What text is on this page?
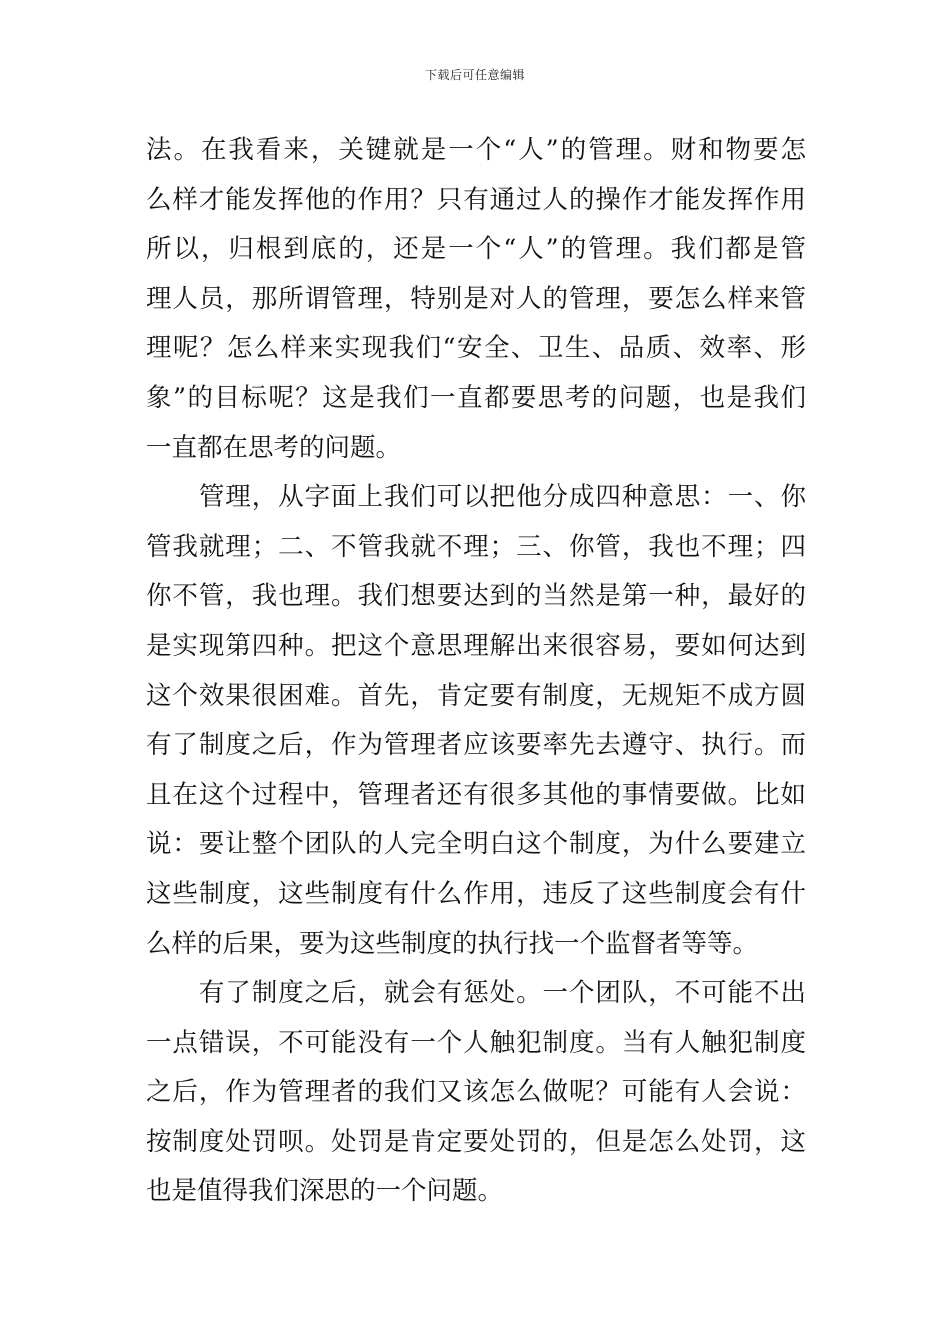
下载后可任意编辑
法。在我看来，关键就是一个“人”的管理。财和物要怎
么样才能发挥他的作用？只有通过人的操作才能发挥作用
所以，归根到底的，还是一个“人”的管理。我们都是管
理人员，那所谓管理，特别是对人的管理，要怎么样来管
理呢？怎么样来实现我们“安全、卫生、品质、效率、形
象”的目标呢？这是我们一直都要思考的问题，也是我们
一直都在思考的问题。
　　管理，从字面上我们可以把他分成四种意思：一、你
管我就理；二、不管我就不理；三、你管，我也不理；四
你不管，我也理。我们想要达到的当然是第一种，最好的
是实现第四种。把这个意思理解出来很容易，要如何达到
这个效果很困难。首先，肯定要有制度，无规矩不成方圆
有了制度之后，作为管理者应该要率先去遵守、执行。而
且在这个过程中，管理者还有很多其他的事情要做。比如
说：要让整个团队的人完全明白这个制度，为什么要建立
这些制度，这些制度有什么作用，违反了这些制度会有什
么样的后果，要为这些制度的执行找一个监督者等等。
　　有了制度之后，就会有惩处。一个团队，不可能不出
一点错误，不可能没有一个人触犯制度。当有人触犯制度
之后，作为管理者的我们又该怎么做呢？可能有人会说：
按制度处罚呗。处罚是肯定要处罚的，但是怎么处罚，这
也是值得我们深思的一个问题。
